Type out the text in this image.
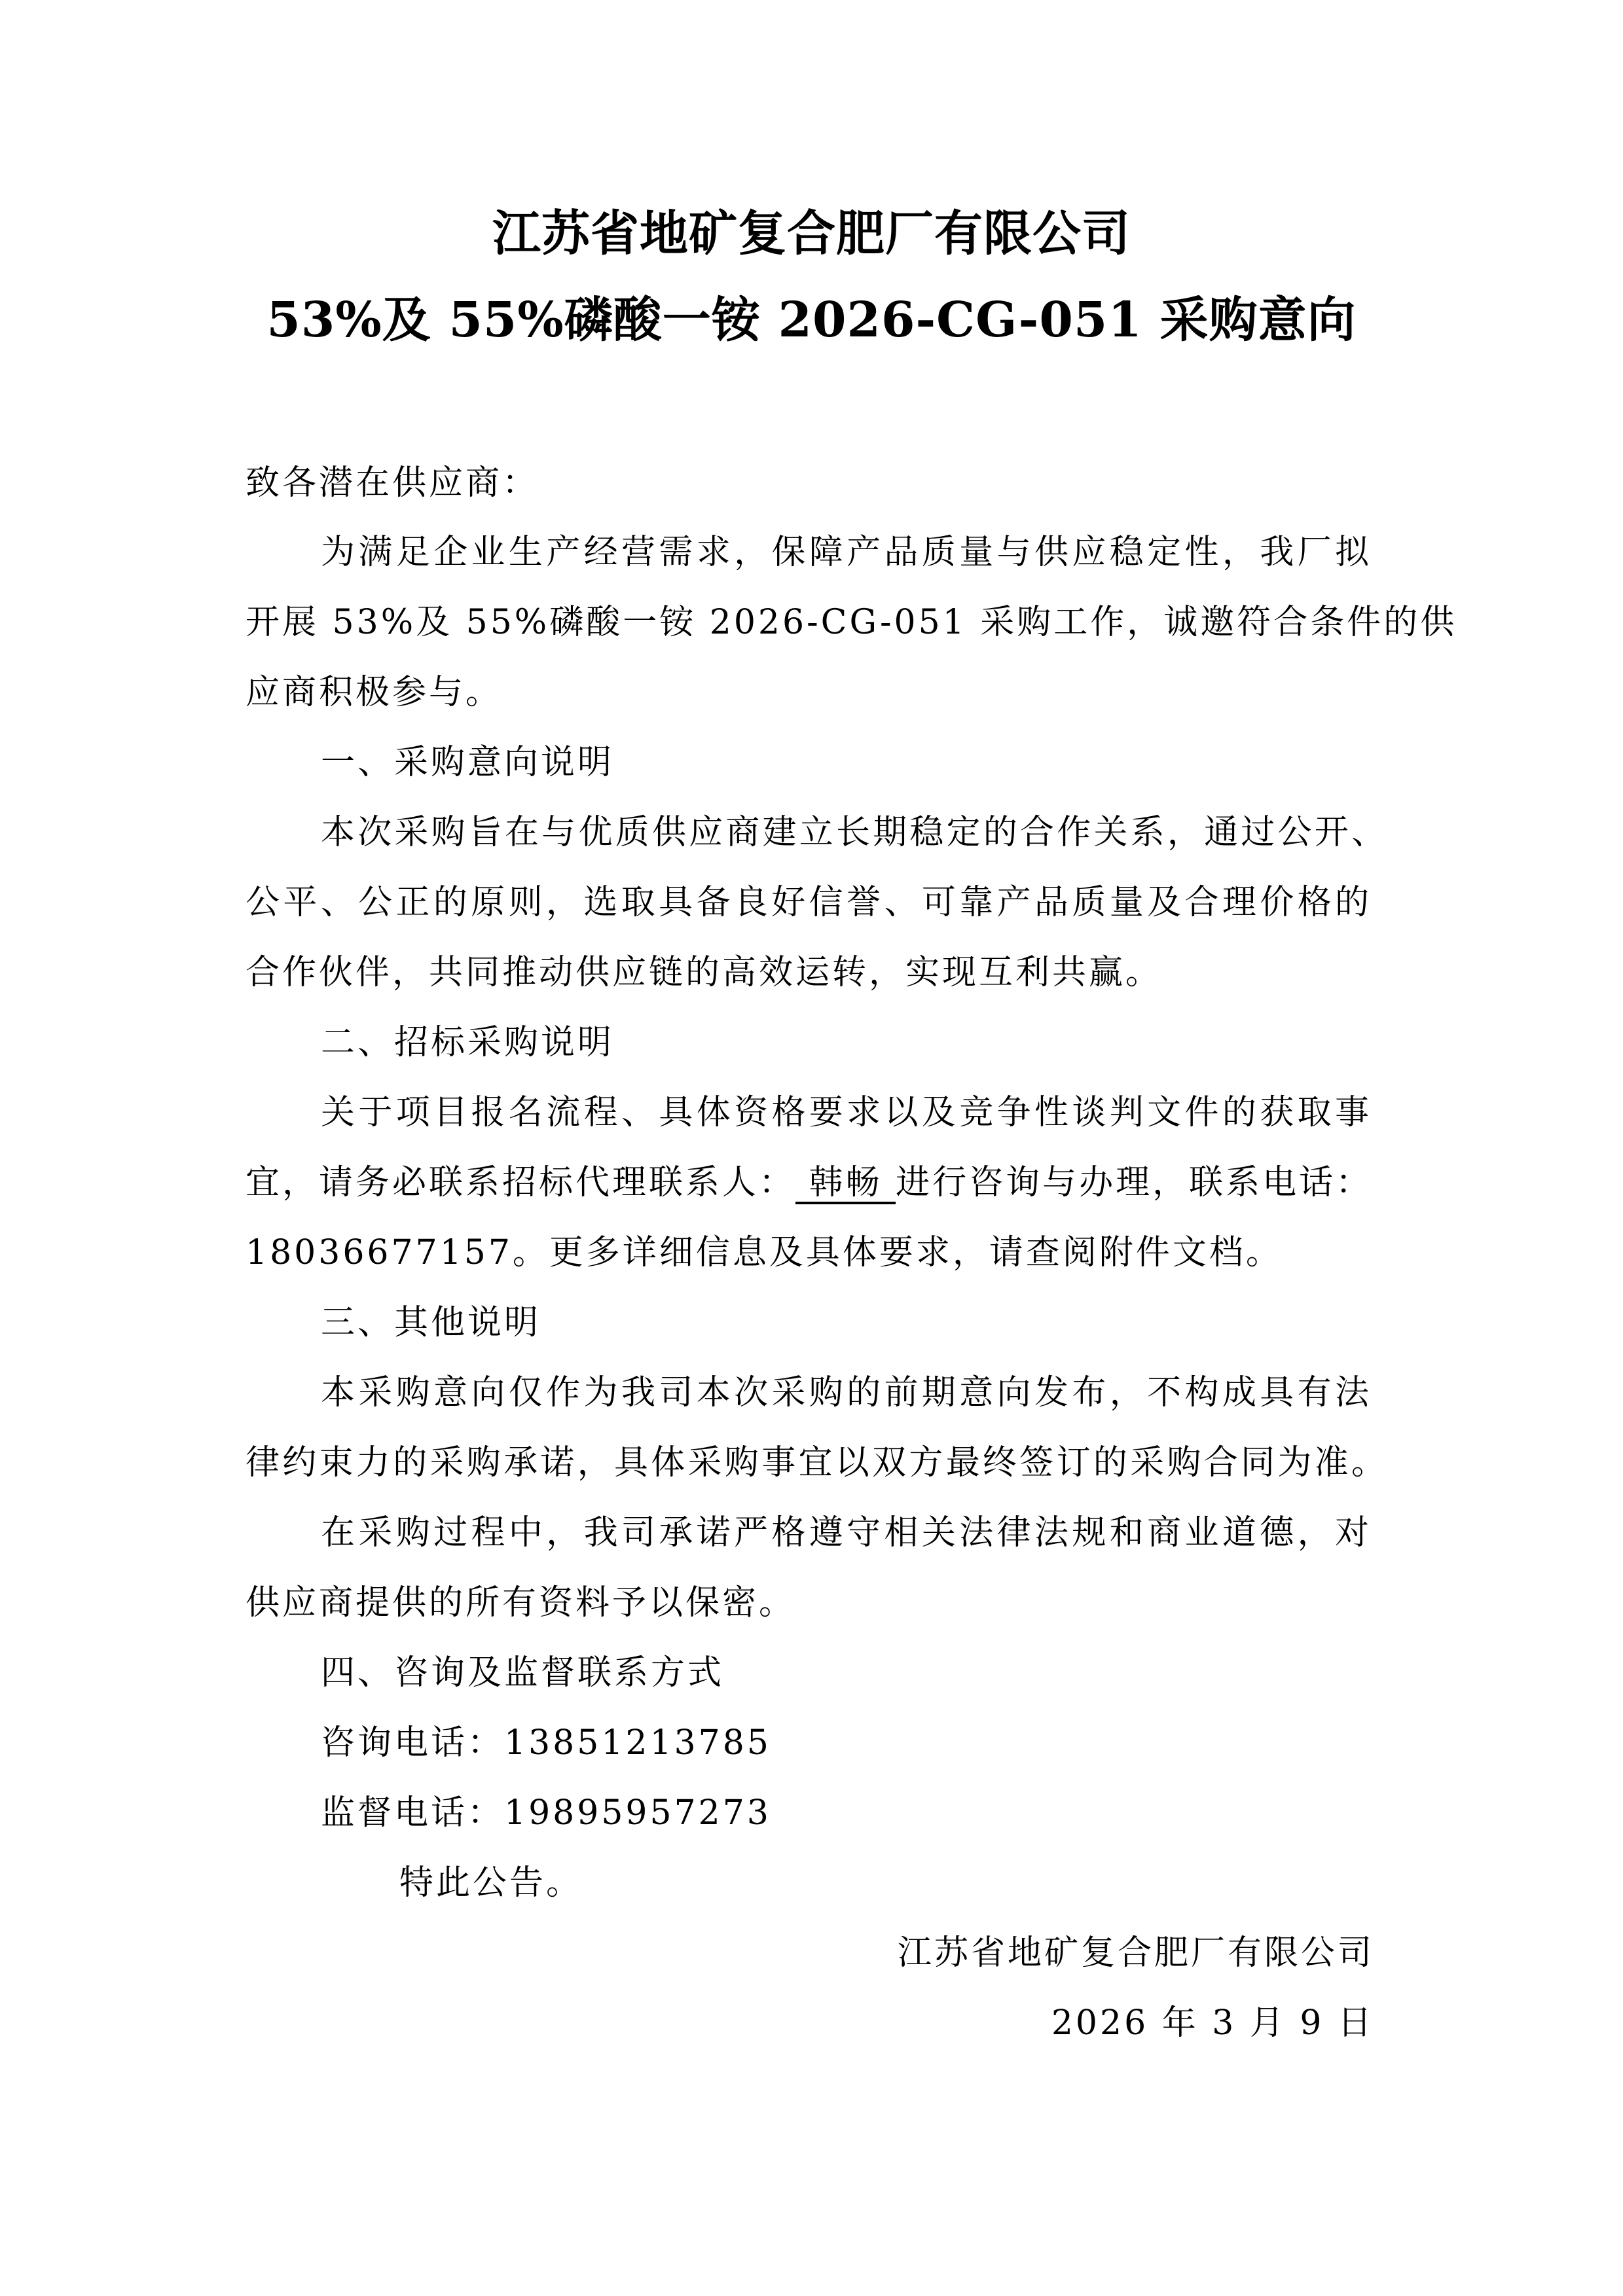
江苏省地矿复合肥厂有限公司
53%及 55%磷酸一铵 2026-CG-051 采购意向
致各潜在供应商：
为满足企业生产经营需求，保障产品质量与供应稳定性，我厂拟
开展 53%及 55%磷酸一铵 2026-CG-051 采购工作，诚邀符合条件的供
应商积极参与。
一、采购意向说明
本次采购旨在与优质供应商建立长期稳定的合作关系，通过公开、
公平、公正的原则，选取具备良好信誉、可靠产品质量及合理价格的
合作伙伴，共同推动供应链的高效运转，实现互利共赢。
二、招标采购说明
关于项目报名流程、具体资格要求以及竞争性谈判文件的获取事
宜，请务必联系招标代理联系人： 韩畅 进行咨询与办理，联系电话：
18036677157。更多详细信息及具体要求，请查阅附件文档。
三、其他说明
本采购意向仅作为我司本次采购的前期意向发布，不构成具有法
律约束力的采购承诺，具体采购事宜以双方最终签订的采购合同为准。
在采购过程中，我司承诺严格遵守相关法律法规和商业道德，对
供应商提供的所有资料予以保密。
四、咨询及监督联系方式
咨询电话：13851213785
监督电话：19895957273
特此公告。
江苏省地矿复合肥厂有限公司
2026 年 3 月 9 日
